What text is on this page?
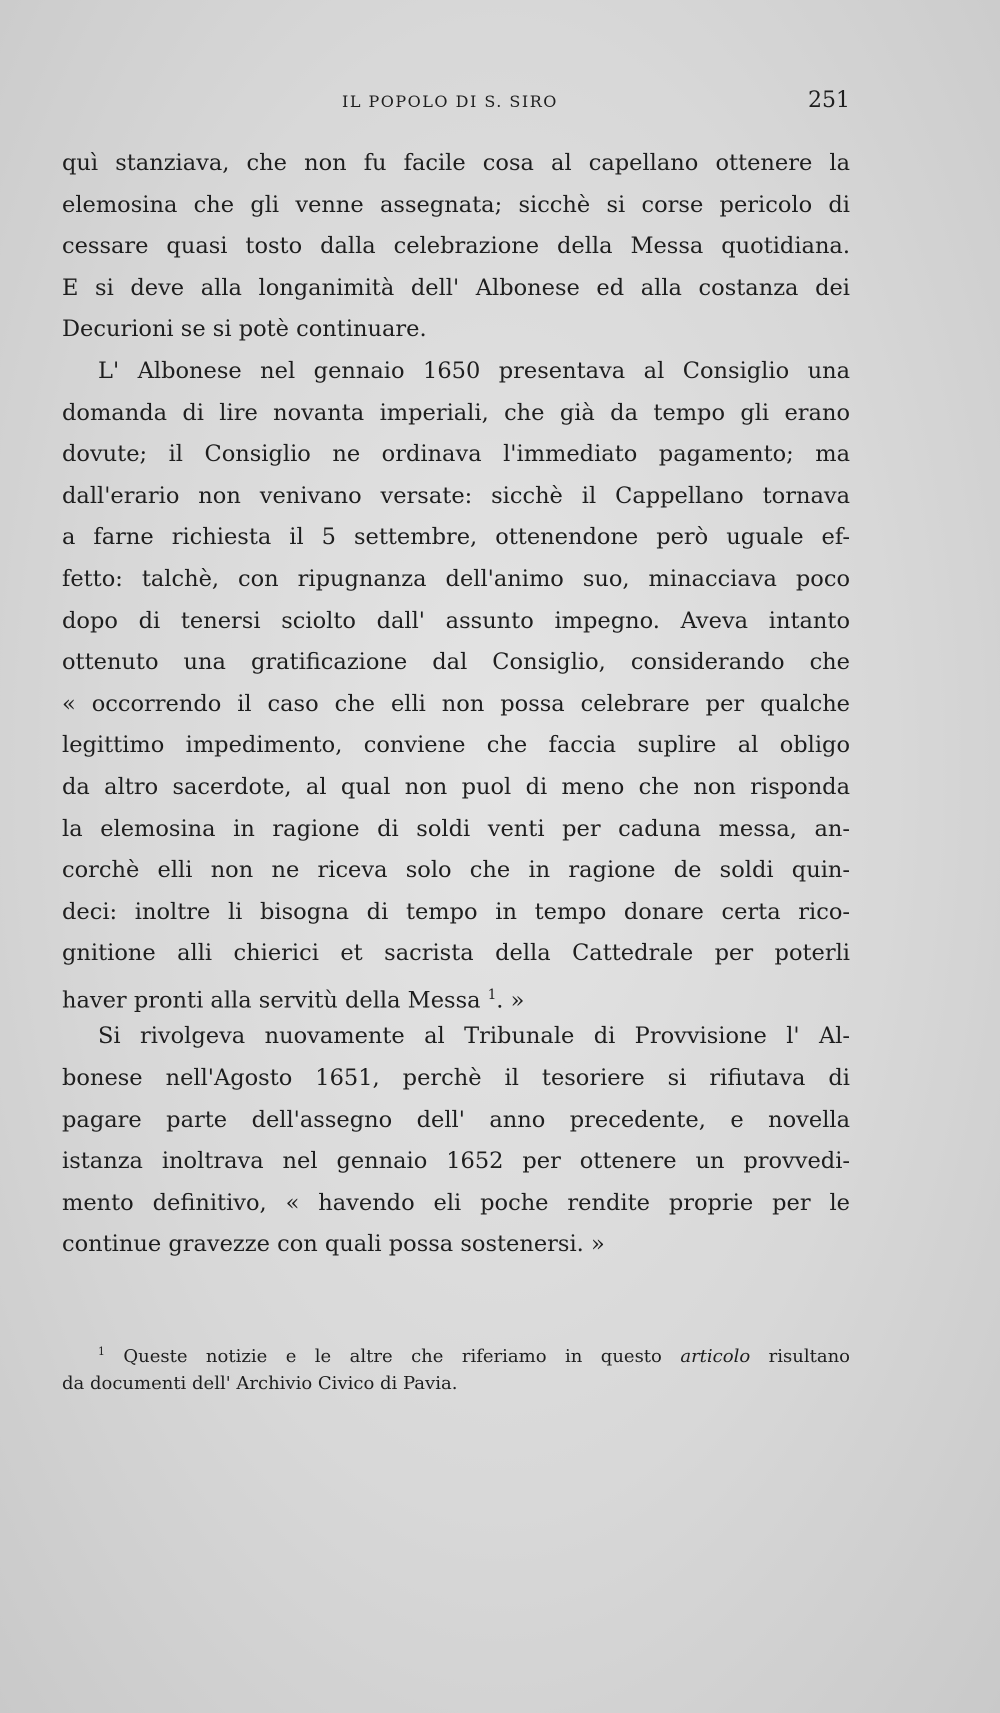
IL POPOLO DI S. SIRO	251
quì stanziava, che non fu facile cosa al capellano ottenere la
elemosina che gli venne assegnata; sicchè si corse pericolo di
cessare quasi tosto dalla celebrazione della Messa quotidiana.
E si deve alla longanimità dell' Albonese ed alla costanza dei
Decurioni se si potè continuare.
L' Albonese nel gennaio 1650 presentava al Consiglio una
domanda di lire novanta imperiali, che già da tempo gli erano
dovute; il Consiglio ne ordinava l'immediato pagamento; ma
dall'erario non venivano versate: sicchè il Cappellano tornava
a farne richiesta il 5 settembre, ottenendone però uguale ef-
fetto: talchè, con ripugnanza dell'animo suo, minacciava poco
dopo di tenersi sciolto dall' assunto impegno. Aveva intanto
ottenuto una gratificazione dal Consiglio, considerando che
« occorrendo il caso che elli non possa celebrare per qualche
legittimo impedimento, conviene che faccia suplire al obligo
da altro sacerdote, al qual non puol di meno che non risponda
la elemosina in ragione di soldi venti per caduna messa, an-
corchè elli non ne riceva solo che in ragione de soldi quin-
deci: inoltre li bisogna di tempo in tempo donare certa rico-
gnitione alli chierici et sacrista della Cattedrale per poterli
haver pronti alla servitù della Messa $^1$. »
Si rivolgeva nuovamente al Tribunale di Provvisione l' Al-
bonese nell'Agosto 1651, perchè il tesoriere si rifiutava di
pagare parte dell'assegno dell' anno precedente, e novella
istanza inoltrava nel gennaio 1652 per ottenere un provvedi-
mento definitivo, « havendo eli poche rendite proprie per le
continue gravezze con quali possa sostenersi. »
$^1$ Queste notizie e le altre che riferiamo in questo articolo risultano
da documenti dell' Archivio Civico di Pavia.
